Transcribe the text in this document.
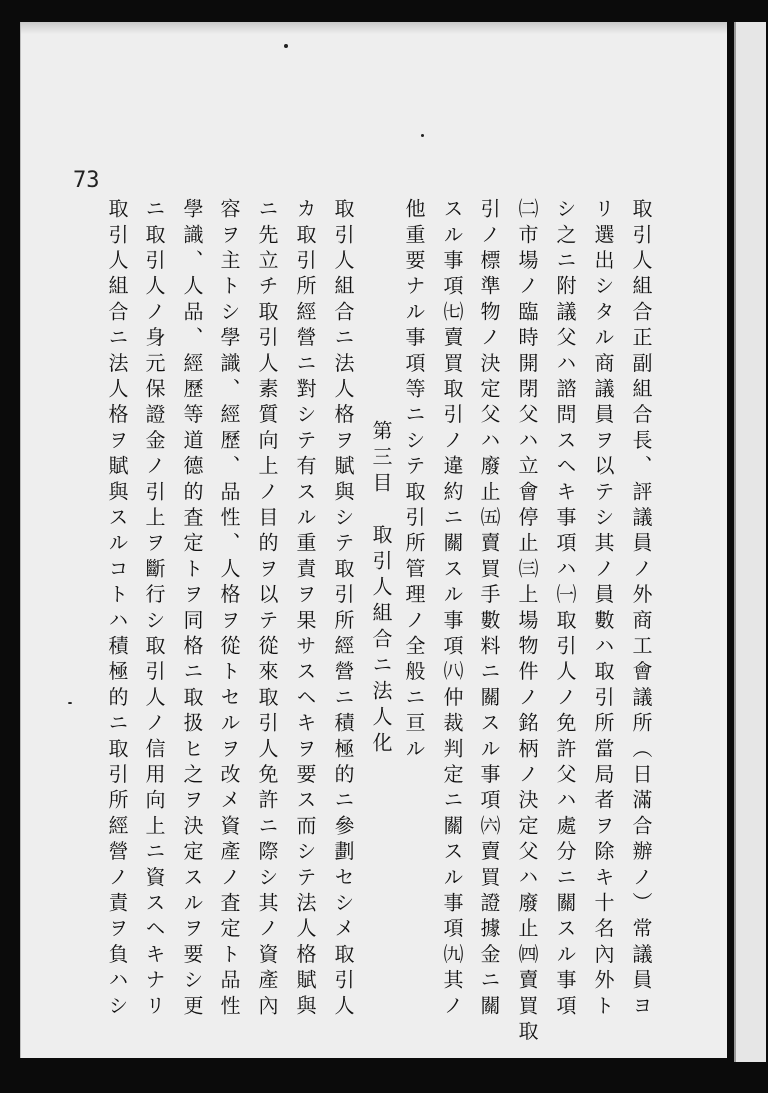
73
取引人組合正副組合長、評議員ノ外商工會議所（日滿合辦ノ）常議員ヨ
リ選出シタル商議員ヲ以テシ其ノ員數ハ取引所當局者ヲ除キ十名內外ト
シ之ニ附議父ハ諮問スヘキ事項ハ㈠取引人ノ免許父ハ處分ニ關スル事項
㈡市場ノ臨時開閉父ハ立會停止㈢上場物件ノ銘柄ノ決定父ハ廢止㈣賣買取
引ノ標準物ノ決定父ハ廢止㈤賣買手數料ニ關スル事項㈥賣買證據金ニ關
スル事項㈦賣買取引ノ違約ニ關スル事項㈧仲裁判定ニ關スル事項㈨其ノ
他重要ナル事項等ニシテ取引所管理ノ全般ニ亘ル
第三目　取引人組合ニ法人化
取引人組合ニ法人格ヲ賦與シテ取引所經營ニ積極的ニ參劃セシメ取引人
カ取引所經營ニ對シテ有スル重責ヲ果サスヘキヲ要ス而シテ法人格賦與
ニ先立チ取引人素質向上ノ目的ヲ以テ從來取引人免許ニ際シ其ノ資產內
容ヲ主トシ學識、經歷、品性、人格ヲ從トセルヲ改メ資產ノ査定ト品性
學識、人品、經歷等道德的査定トヲ同格ニ取扱ヒ之ヲ決定スルヲ要シ更
ニ取引人ノ身元保證金ノ引上ヲ斷行シ取引人ノ信用向上ニ資スヘキナリ
取引人組合ニ法人格ヲ賦與スルコトハ積極的ニ取引所經營ノ責ヲ負ハシ
